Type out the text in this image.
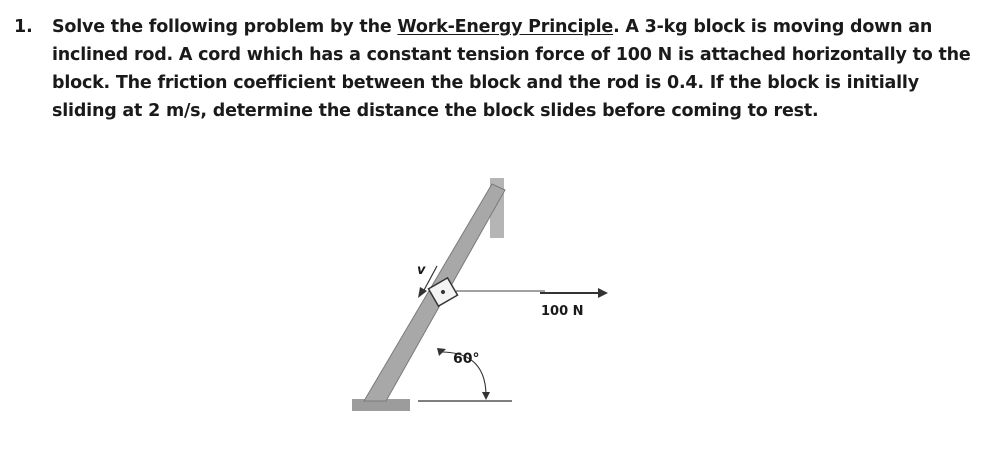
1. Solve the following problem by the Work-Energy Principle. A 3-kg block is moving down an inclined rod. A cord which has a constant tension force of 100 N is attached horizontally to the block. The friction coefficient between the block and the rod is 0.4. If the block is initially sliding at 2 m/s, determine the distance the block slides before coming to rest.
v
100 N
60°
